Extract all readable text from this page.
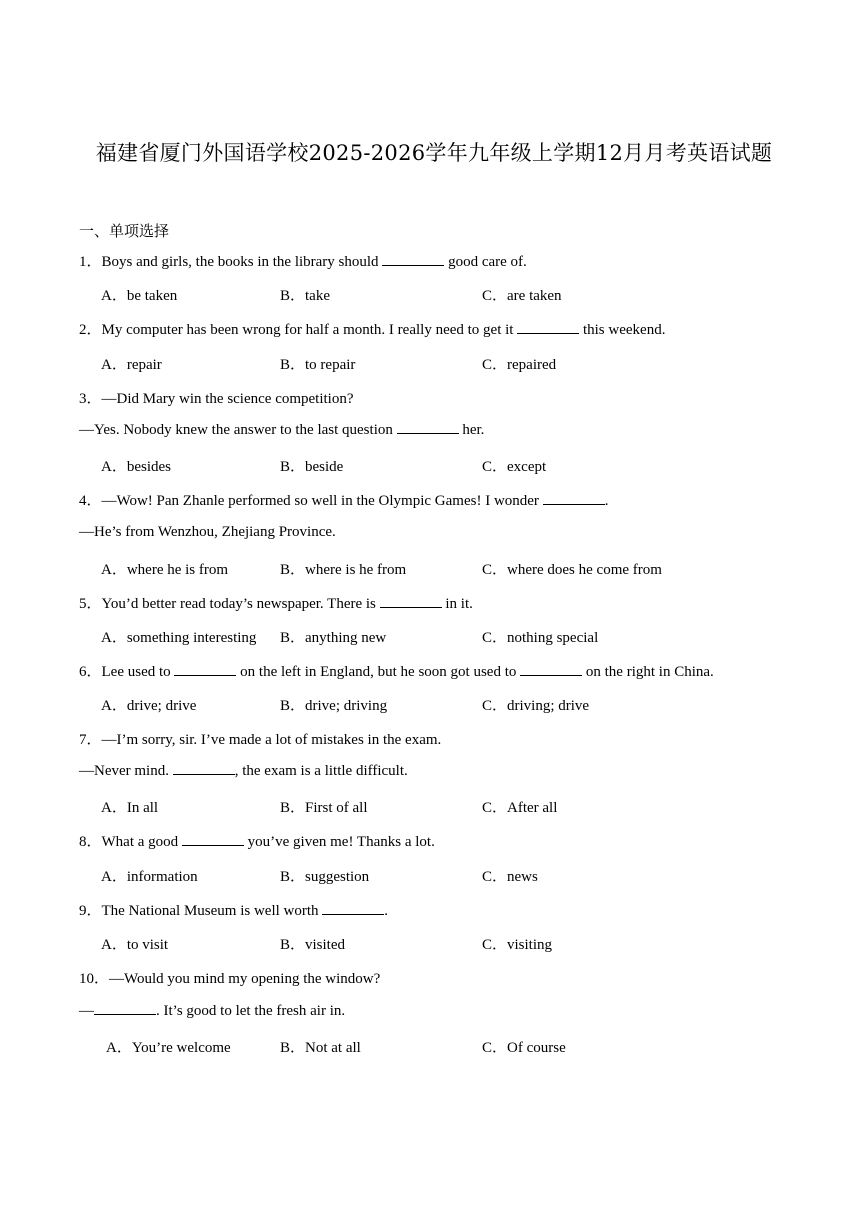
福建省厦门外国语学校2025-2026学年九年级上学期12月月考英语试题
一、单项选择
1．Boys and girls, the books in the library should	good care of.
A．be taken	B．take	C．are taken
2．My computer has been wrong for half a month. I really need to get it	this weekend.
A．repair	B．to repair	C．repaired
3．—Did Mary win the science competition?
—Yes. Nobody knew the answer to the last question	her.
A．besides	B．beside	C．except
4．—Wow! Pan Zhanle performed so well in the Olympic Games! I wonder	.
—He’s from Wenzhou, Zhejiang Province.
A．where he is from	B．where is he from	C．where does he come from
5．You’d better read today’s newspaper. There is	in it.
A．something interesting B．anything new	C．nothing special
6．Lee used to	on the left in England, but he soon got used to	on the right in China.
A．drive; drive	B．drive; driving	C．driving; drive
7．—I’m sorry, sir. I’ve made a lot of mistakes in the exam.
—Never mind.	, the exam is a little difficult.
A．In all	B．First of all	C．After all
8．What a good	you’ve given me! Thanks a lot.
A．information	B．suggestion	C．news
9．The National Museum is well worth	.
A．to visit	B．visited	C．visiting
10．—Would you mind my opening the window?
—	. It’s good to let the fresh air in.
A．You’re welcome	B．Not at all	C．Of course
